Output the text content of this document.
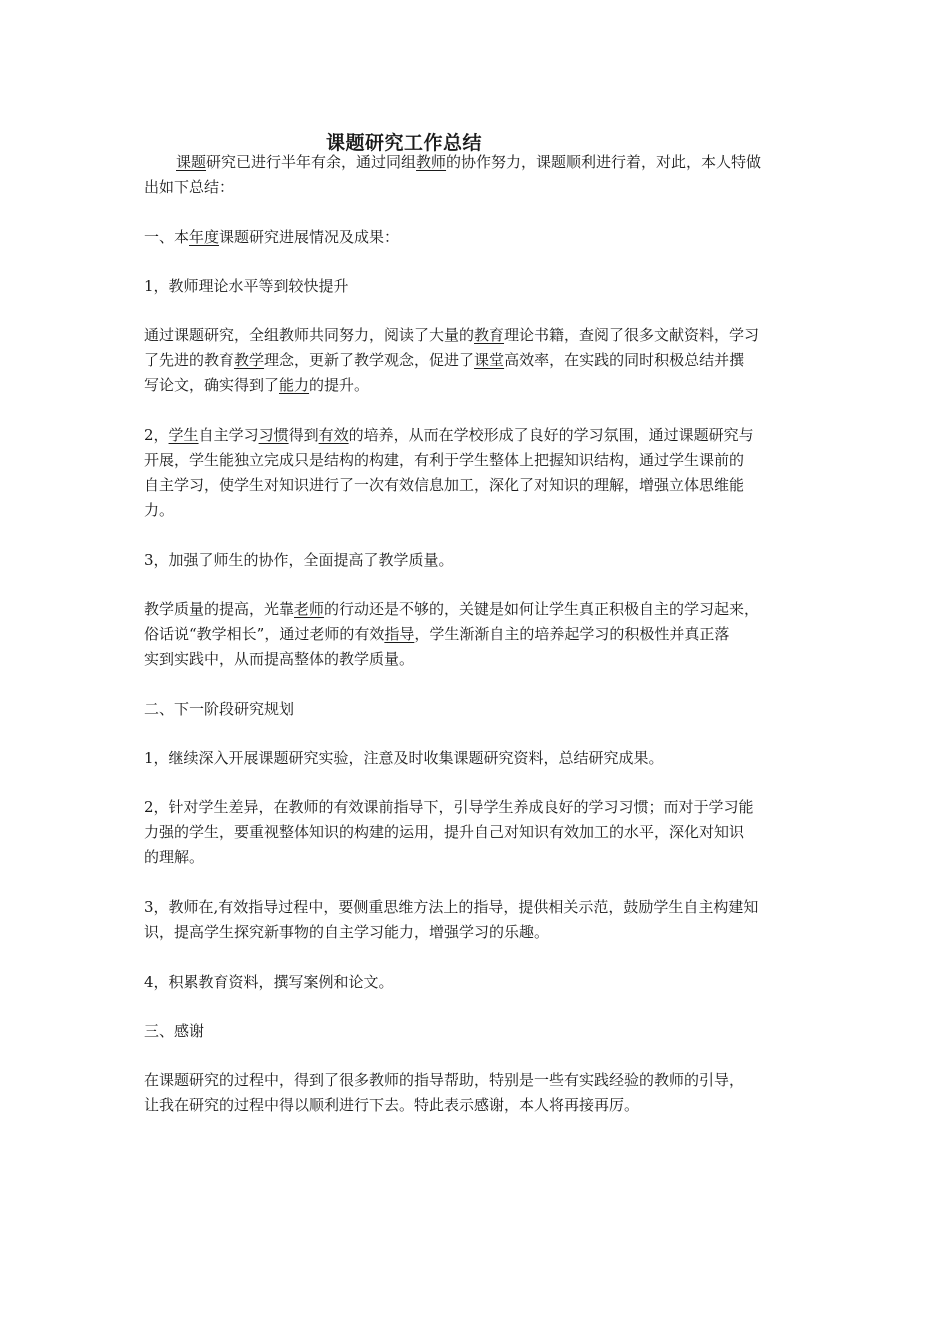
课题研究工作总结

课题研究已进行半年有余，通过同组教师的协作努力，课题顺利进行着，对此，本人特做

出如下总结：

一、本年度课题研究进展情况及成果：

1，教师理论水平等到较快提升

通过课题研究，全组教师共同努力，阅读了大量的教育理论书籍，查阅了很多文献资料，学习

了先进的教育教学理念，更新了教学观念，促进了课堂高效率，在实践的同时积极总结并撰

写论文，确实得到了能力的提升。

2，学生自主学习习惯得到有效的培养，从而在学校形成了良好的学习氛围，通过课题研究与

开展，学生能独立完成只是结构的构建，有利于学生整体上把握知识结构，通过学生课前的

自主学习，使学生对知识进行了一次有效信息加工，深化了对知识的理解，增强立体思维能

力。

3，加强了师生的协作，全面提高了教学质量。

教学质量的提高，光靠老师的行动还是不够的，关键是如何让学生真正积极自主的学习起来，

俗话说“教学相长”，通过老师的有效指导，学生渐渐自主的培养起学习的积极性并真正落

实到实践中，从而提高整体的教学质量。

二、下一阶段研究规划

1，继续深入开展课题研究实验，注意及时收集课题研究资料，总结研究成果。

2，针对学生差异，在教师的有效课前指导下，引导学生养成良好的学习习惯；而对于学习能

力强的学生，要重视整体知识的构建的运用，提升自己对知识有效加工的水平，深化对知识

的理解。

3，教师在,有效指导过程中，要侧重思维方法上的指导，提供相关示范，鼓励学生自主构建知

识，提高学生探究新事物的自主学习能力，增强学习的乐趣。

4，积累教育资料，撰写案例和论文。

三、感谢

在课题研究的过程中，得到了很多教师的指导帮助，特别是一些有实践经验的教师的引导，

让我在研究的过程中得以顺利进行下去。特此表示感谢，本人将再接再厉。
